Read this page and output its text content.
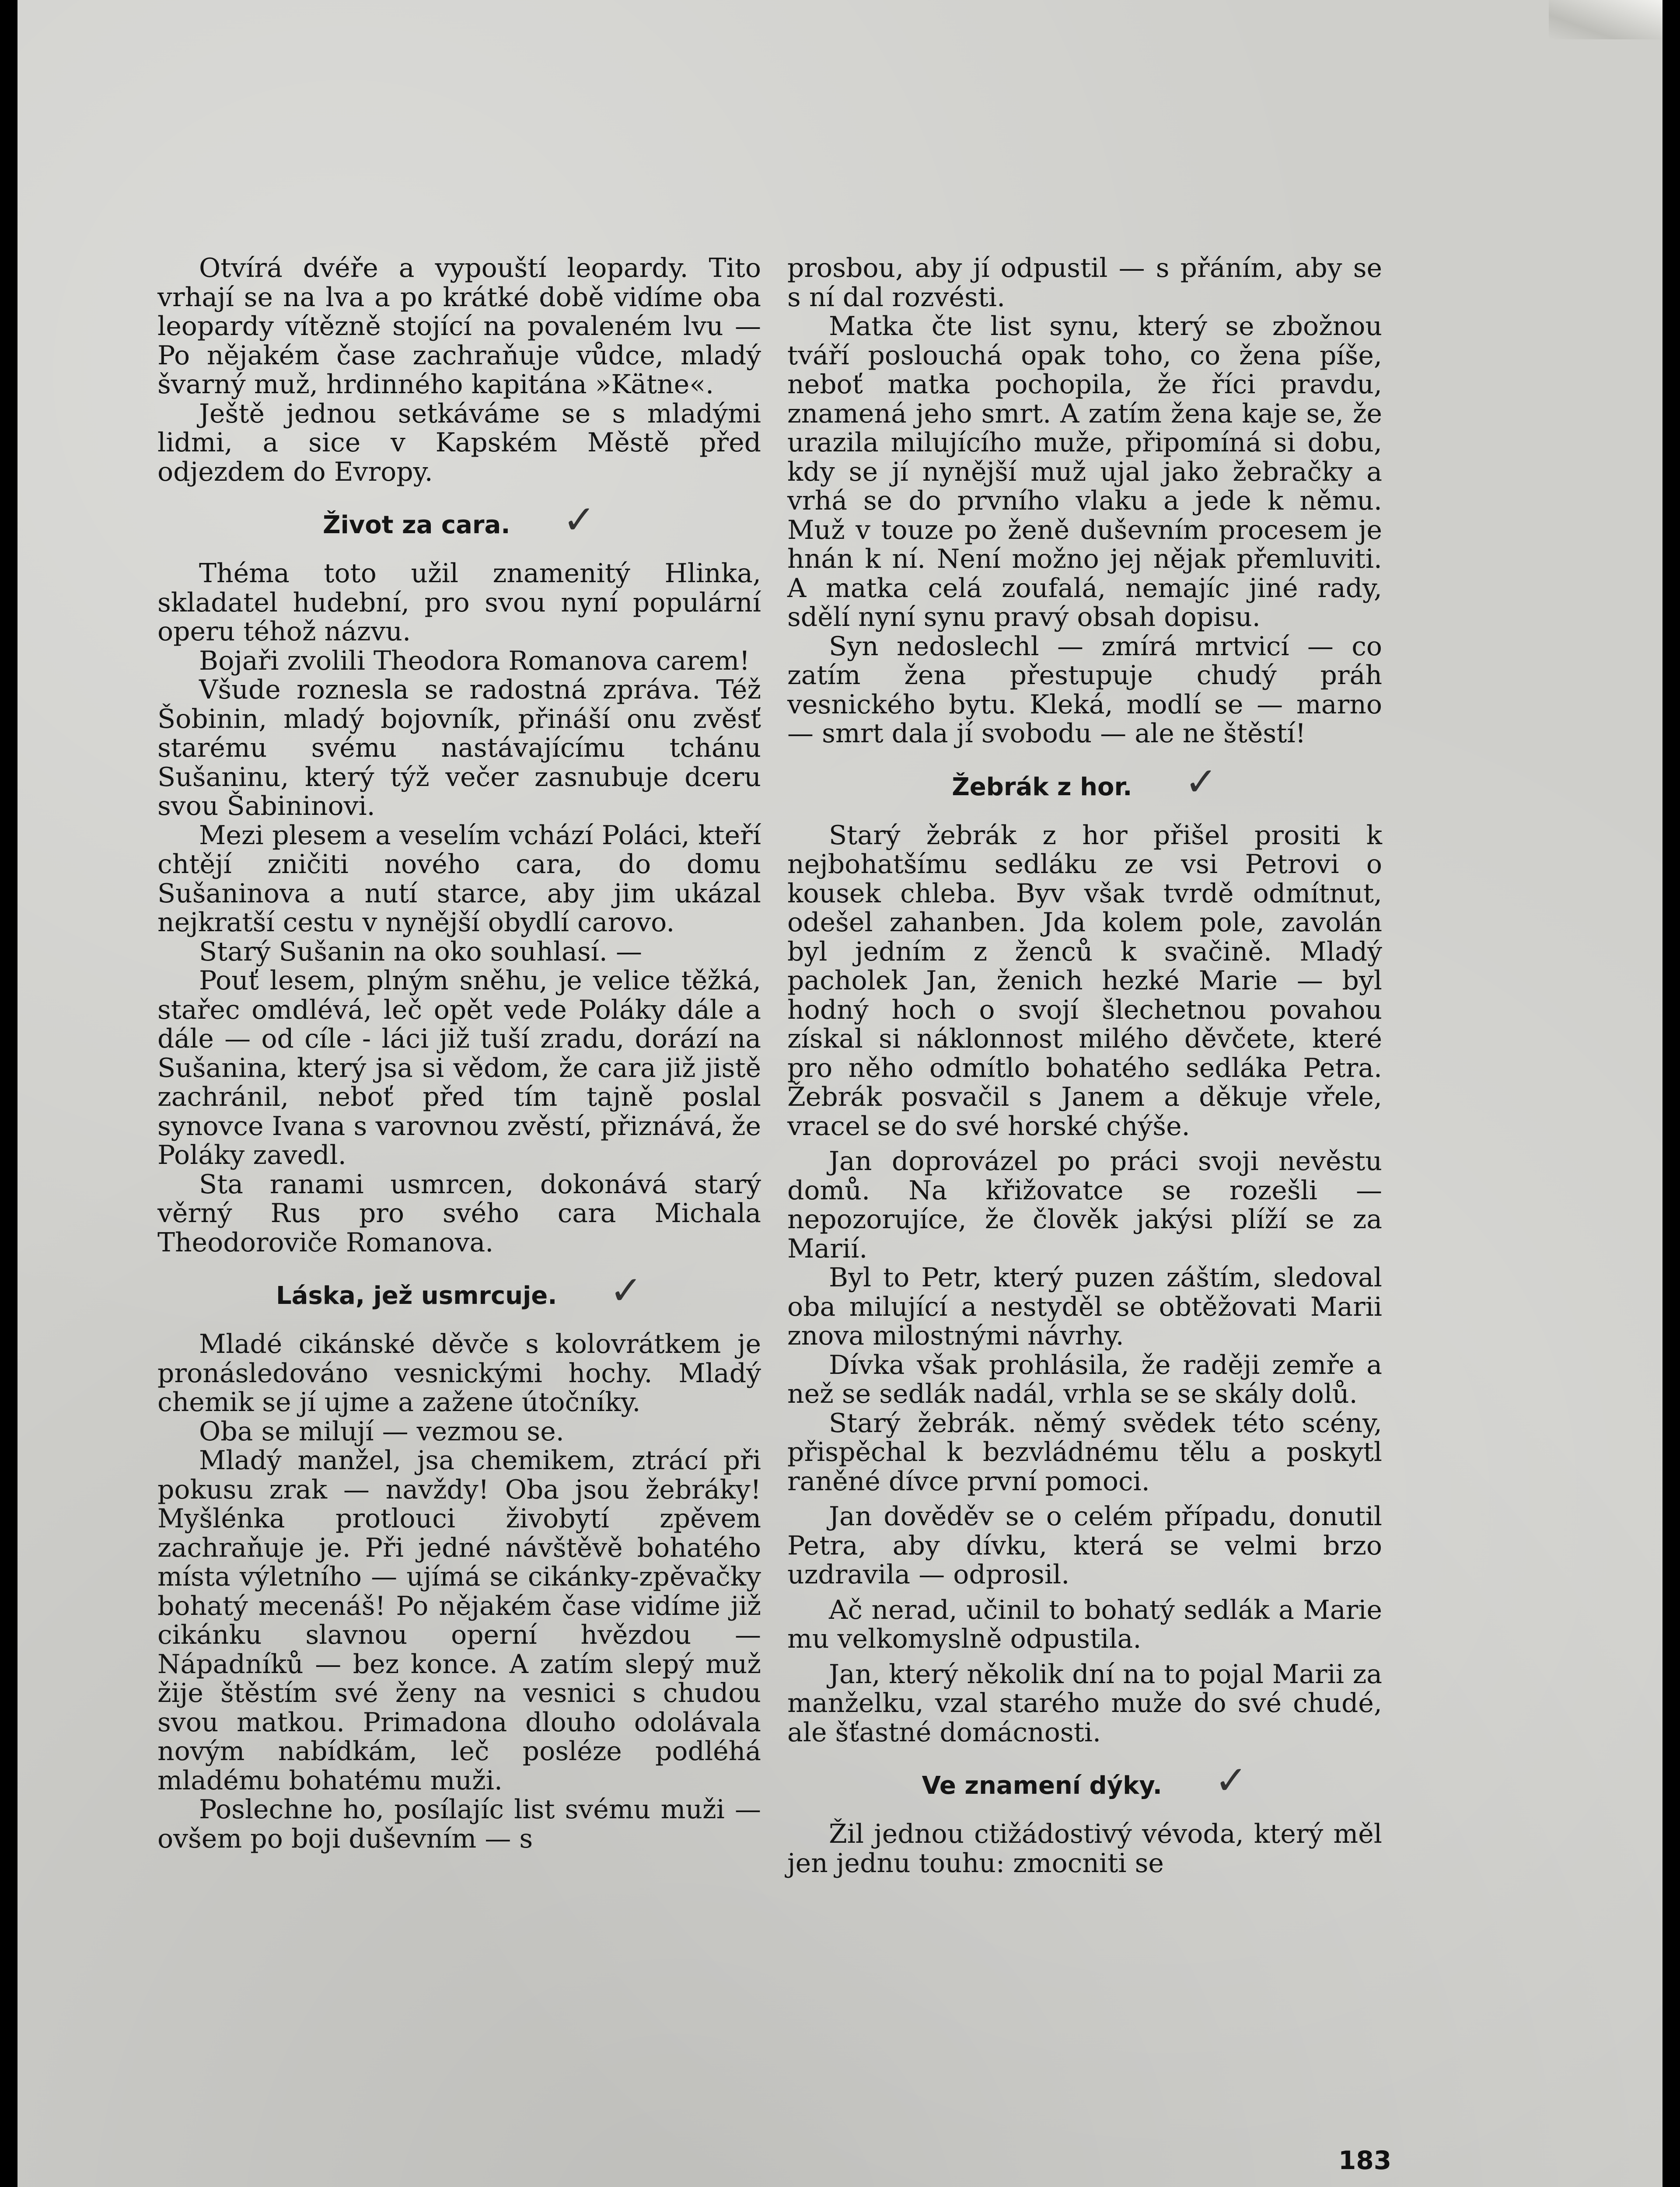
Otvírá dvéře a vypouští leopardy. Tito vrhají se na lva a po krátké době vidíme oba leopardy vítězně stojící na povaleném lvu — Po nějakém čase zachraňuje vůdce, mladý švarný muž, hrdinného kapitána »Kätne«.

Ještě jednou setkáváme se s mladými lidmi, a sice v Kapském Městě před odjezdem do Evropy.

Život za cara. ✓

Théma toto užil znamenitý Hlinka, skladatel hudební, pro svou nyní populární operu téhož názvu.

Bojaři zvolili Theodora Romanova carem!

Všude roznesla se radostná zpráva. Též Šobinin, mladý bojovník, přináší onu zvěsť starému svému nastávajícímu tchánu Sušaninu, který týž večer zasnubuje dceru svou Šabininovi.

Mezi plesem a veselím vchází Poláci, kteří chtějí zničiti nového cara, do domu Sušaninova a nutí starce, aby jim ukázal nejkratší cestu v nynější obydlí carovo.

Starý Sušanin na oko souhlasí. —

Pouť lesem, plným sněhu, je velice těžká, stařec omdlévá, leč opět vede Poláky dále a dále — od cíle - láci již tuší zradu, dorází na Sušanina, který jsa si vědom, že cara již jistě zachránil, neboť před tím tajně poslal synovce Ivana s varovnou zvěstí, přiznává, že Poláky zavedl.

Sta ranami usmrcen, dokonává starý věrný Rus pro svého cara Michala Theodoroviče Romanova.

Láska, jež usmrcuje. ✓

Mladé cikánské děvče s kolovrátkem je pronásledováno vesnickými hochy. Mladý chemik se jí ujme a zažene útočníky.

Oba se milují — vezmou se.

Mladý manžel, jsa chemikem, ztrácí při pokusu zrak — navždy! Oba jsou žebráky! Myšlénka protlouci živobytí zpěvem zachraňuje je. Při jedné návštěvě bohatého místa výletního — ujímá se cikánky-zpěvačky bohatý mecenáš! Po nějakém čase vidíme již cikánku slavnou operní hvězdou — Nápadníků — bez konce. A zatím slepý muž žije štěstím své ženy na vesnici s chudou svou matkou. Primadona dlouho odolávala novým nabídkám, leč posléze podléhá mladému bohatému muži.

Poslechne ho, posílajíc list svému muži — ovšem po boji duševním — s

prosbou, aby jí odpustil — s přáním, aby se s ní dal rozvésti.

Matka čte list synu, který se zbožnou tváří poslouchá opak toho, co žena píše, neboť matka pochopila, že říci pravdu, znamená jeho smrt. A zatím žena kaje se, že urazila milujícího muže, připomíná si dobu, kdy se jí nynější muž ujal jako žebračky a vrhá se do prvního vlaku a jede k němu. Muž v touze po ženě duševním procesem je hnán k ní. Není možno jej nějak přemluviti. A matka celá zoufalá, nemajíc jiné rady, sdělí nyní synu pravý obsah dopisu.

Syn nedoslechl — zmírá mrtvicí — co zatím žena přestupuje chudý práh vesnického bytu. Kleká, modlí se — marno — smrt dala jí svobodu — ale ne štěstí!

Žebrák z hor. ✓

Starý žebrák z hor přišel prositi k nejbohatšímu sedláku ze vsi Petrovi o kousek chleba. Byv však tvrdě odmítnut, odešel zahanben. Jda kolem pole, zavolán byl jedním z ženců k svačině. Mladý pacholek Jan, ženich hezké Marie — byl hodný hoch o svojí šlechetnou povahou získal si náklonnost milého děvčete, které pro něho odmítlo bohatého sedláka Petra. Žebrák posvačil s Janem a děkuje vřele, vracel se do své horské chýše.

Jan doprovázel po práci svoji nevěstu domů. Na křižovatce se rozešli — nepozorujíce, že člověk jakýsi plíží se za Marií.

Byl to Petr, který puzen záštím, sledoval oba milující a nestyděl se obtěžovati Marii znova milostnými návrhy.

Dívka však prohlásila, že raději zemře a než se sedlák nadál, vrhla se se skály dolů.

Starý žebrák. němý svědek této scény, přispěchal k bezvládnému tělu a poskytl raněné dívce první pomoci.

Jan dověděv se o celém případu, donutil Petra, aby dívku, která se velmi brzo uzdravila — odprosil.

Ač nerad, učinil to bohatý sedlák a Marie mu velkomyslně odpustila.

Jan, který několik dní na to pojal Marii za manželku, vzal starého muže do své chudé, ale šťastné domácnosti.

Ve znamení dýky. ✓

Žil jednou ctižádostivý vévoda, který měl jen jednu touhu: zmocniti se

183
